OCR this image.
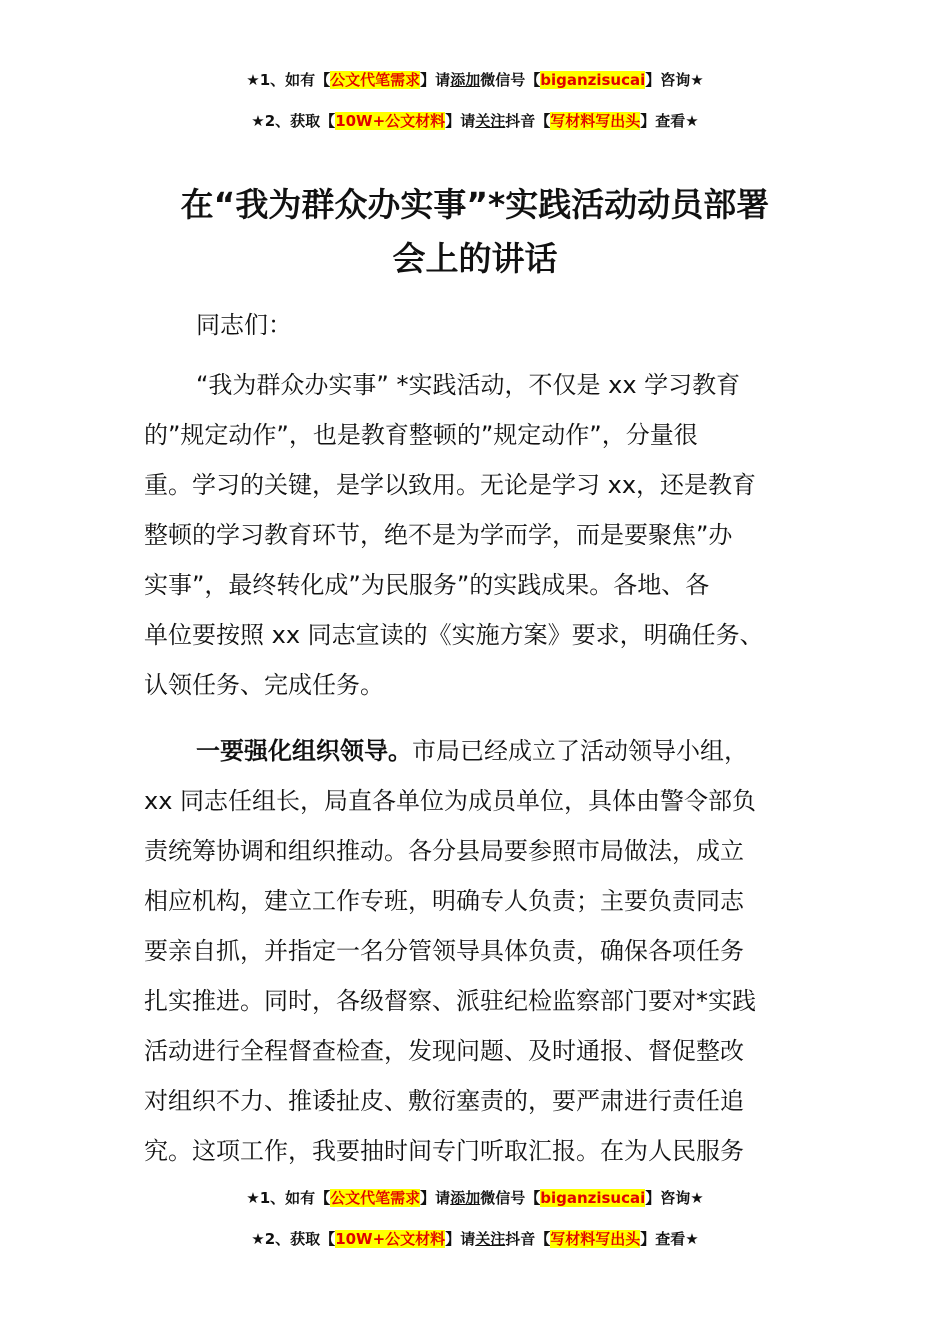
★1、如有【公文代笔需求】请添加微信号【biganzisucai】咨询★
★2、获取【10W+公文材料】请关注抖音【写材料写出头】查看★
在“我为群众办实事”*实践活动动员部署
会上的讲话
同志们：
“我为群众办实事” *实践活动，不仅是 xx 学习教育
的”规定动作”，也是教育整顿的”规定动作”，分量很
重。学习的关键，是学以致用。无论是学习 xx，还是教育
整顿的学习教育环节，绝不是为学而学，而是要聚焦”办
实事”，最终转化成”为民服务”的实践成果。各地、各
单位要按照 xx 同志宣读的《实施方案》要求，明确任务、
认领任务、完成任务。
一要强化组织领导。市局已经成立了活动领导小组，
xx 同志任组长，局直各单位为成员单位，具体由警令部负
责统筹协调和组织推动。各分县局要参照市局做法，成立
相应机构，建立工作专班，明确专人负责；主要负责同志
要亲自抓，并指定一名分管领导具体负责，确保各项任务
扎实推进。同时，各级督察、派驻纪检监察部门要对*实践
活动进行全程督查检查，发现问题、及时通报、督促整改
对组织不力、推诿扯皮、敷衍塞责的，要严肃进行责任追
究。这项工作，我要抽时间专门听取汇报。在为人民服务
★1、如有【公文代笔需求】请添加微信号【biganzisucai】咨询★
★2、获取【10W+公文材料】请关注抖音【写材料写出头】查看★
